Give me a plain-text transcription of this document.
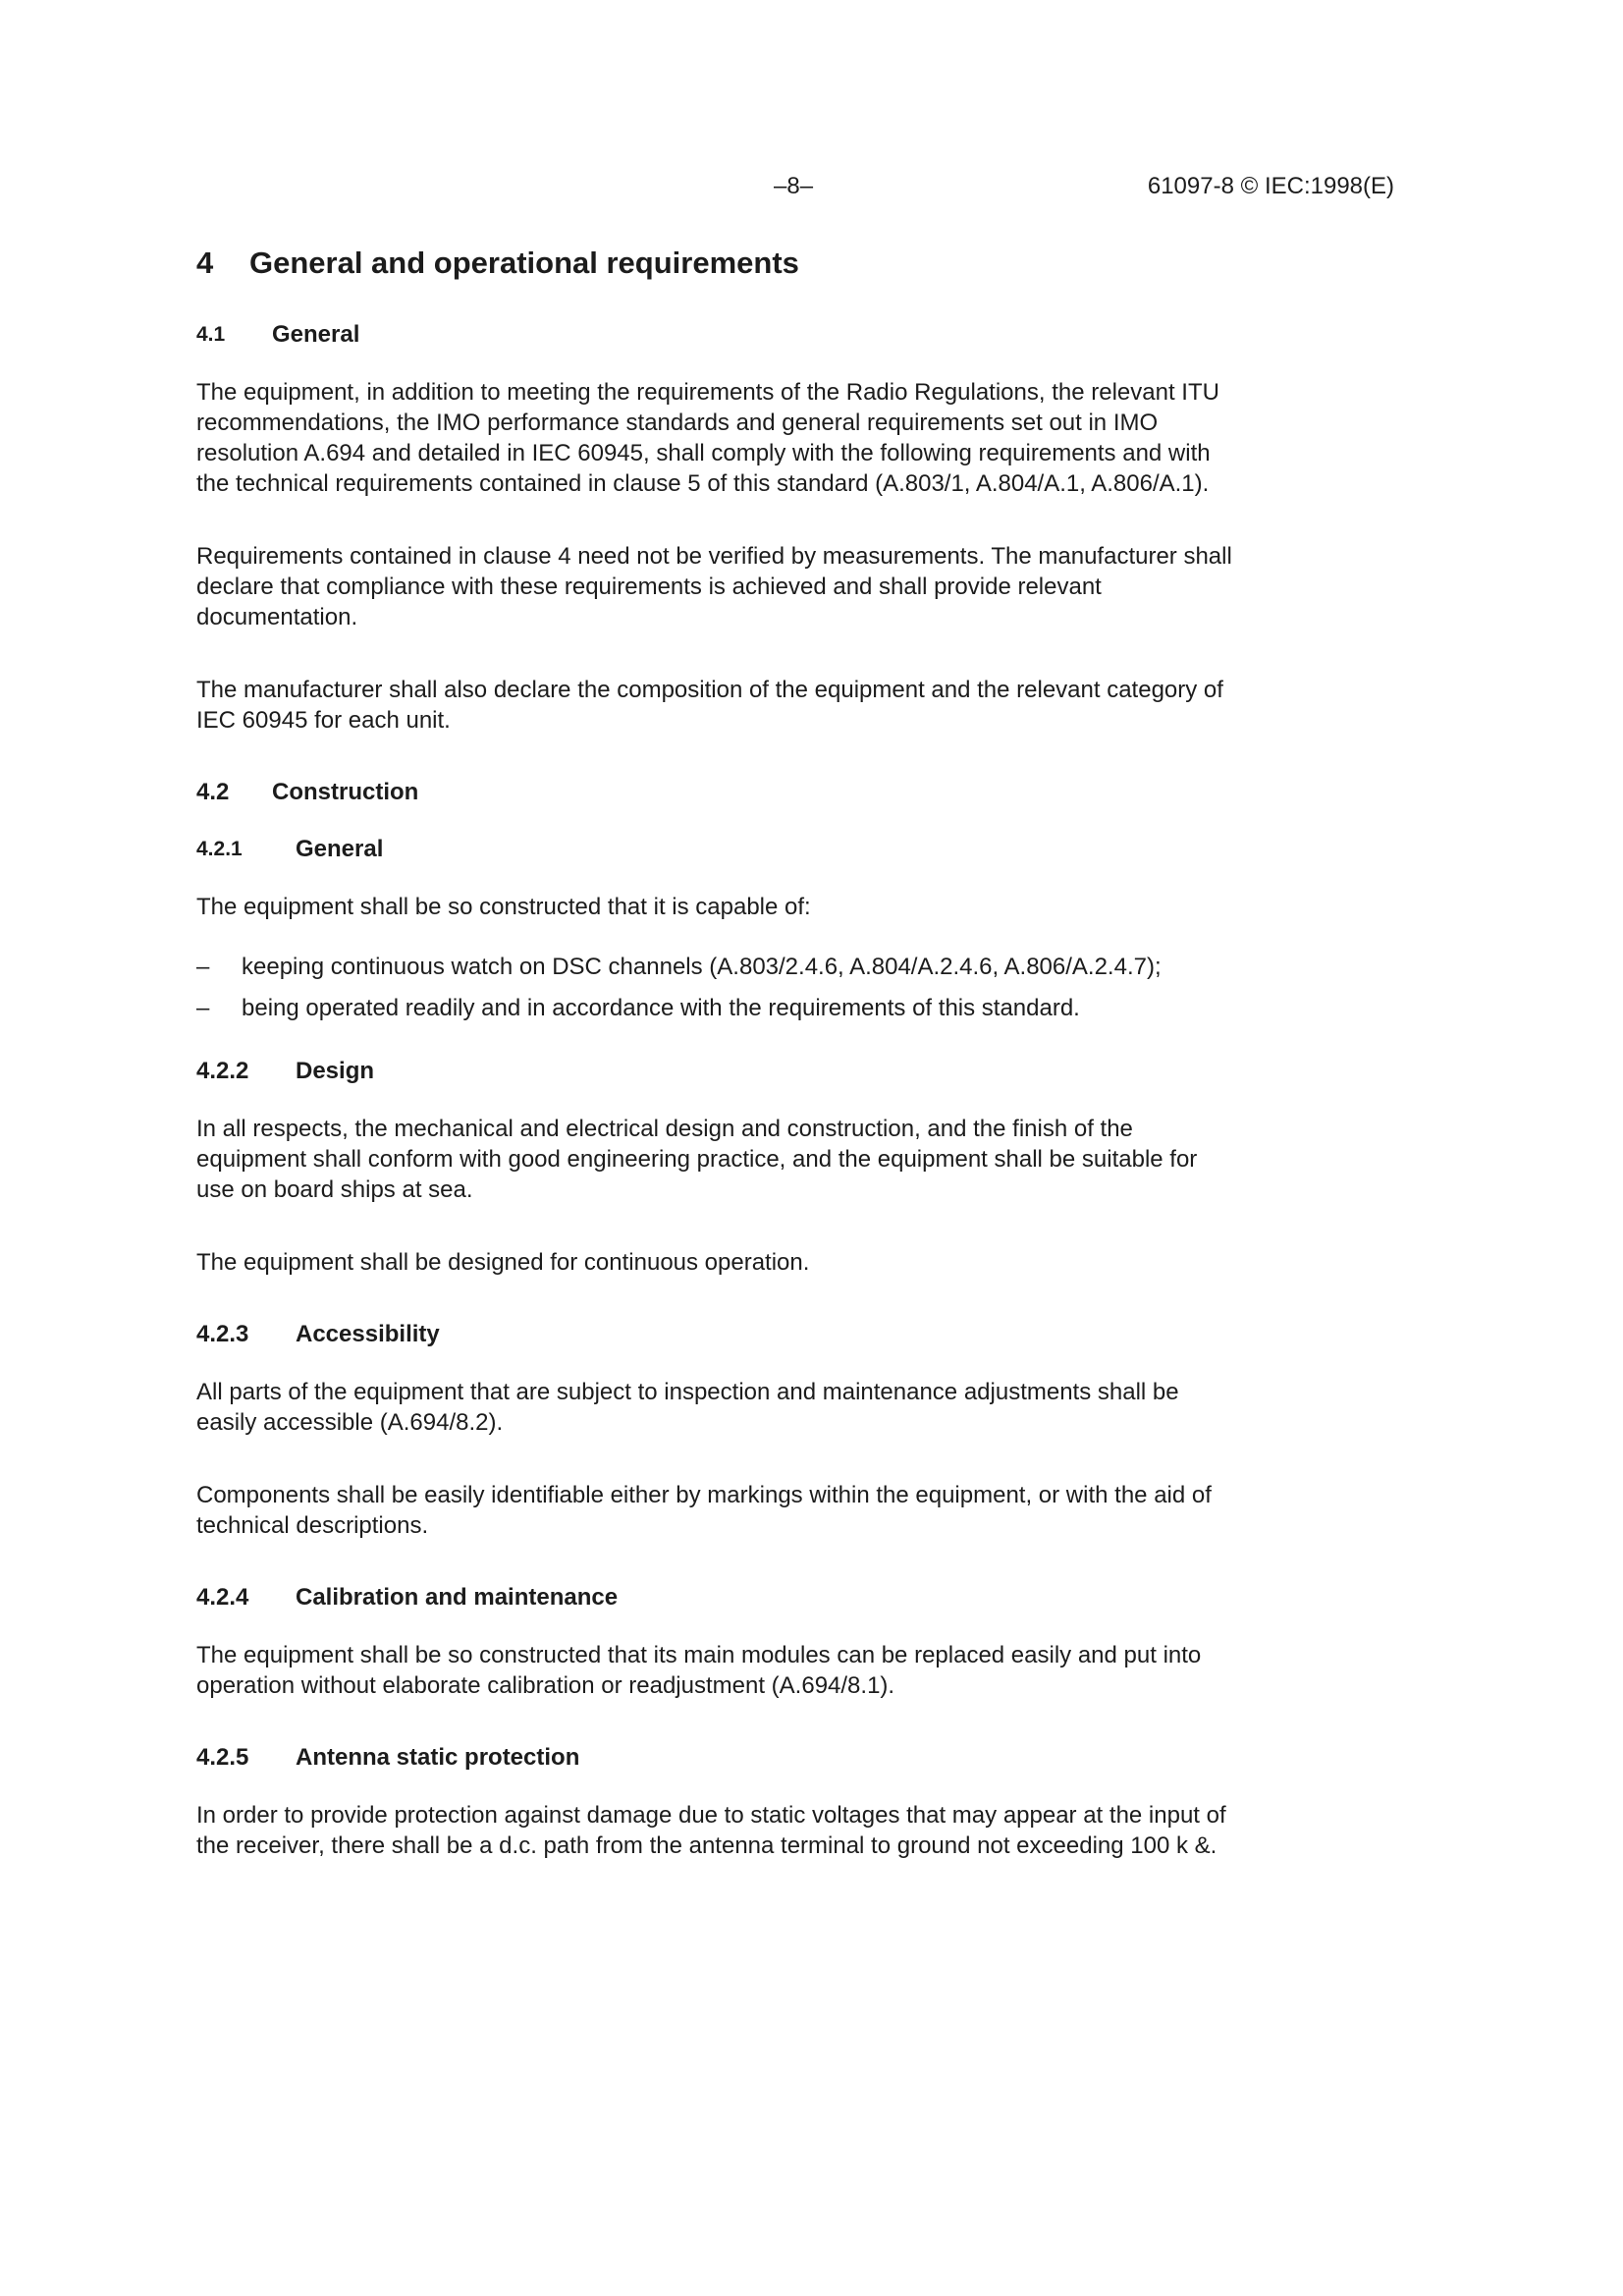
–8–	61097-8 © IEC:1998(E)
4	General and operational requirements
4.1	General

The equipment, in addition to meeting the requirements of the Radio Regulations, the relevant ITU recommendations, the IMO performance standards and general requirements set out in IMO resolution A.694 and detailed in IEC 60945, shall comply with the following requirements and with the technical requirements contained in clause 5 of this standard (A.803/1, A.804/A.1, A.806/A.1).

Requirements contained in clause 4 need not be verified by measurements. The manufacturer shall declare that compliance with these requirements is achieved and shall provide relevant documentation.

The manufacturer shall also declare the composition of the equipment and the relevant category of IEC 60945 for each unit.

4.2	Construction
4.2.1	General

The equipment shall be so constructed that it is capable of:

–	keeping continuous watch on DSC channels (A.803/2.4.6, A.804/A.2.4.6, A.806/A.2.4.7);
–	being operated readily and in accordance with the requirements of this standard.
4.2.2	Design

In all respects, the mechanical and electrical design and construction, and the finish of the equipment shall conform with good engineering practice, and the equipment shall be suitable for use on board ships at sea.

The equipment shall be designed for continuous operation.

4.2.3	Accessibility

All parts of the equipment that are subject to inspection and maintenance adjustments shall be easily accessible (A.694/8.2).

Components shall be easily identifiable either by markings within the equipment, or with the aid of technical descriptions.

4.2.4	Calibration and maintenance

The equipment shall be so constructed that its main modules can be replaced easily and put into operation without elaborate calibration or readjustment (A.694/8.1).

4.2.5	Antenna static protection

In order to provide protection against damage due to static voltages that may appear at the input of the receiver, there shall be a d.c. path from the antenna terminal to ground not exceeding 100 k &.
